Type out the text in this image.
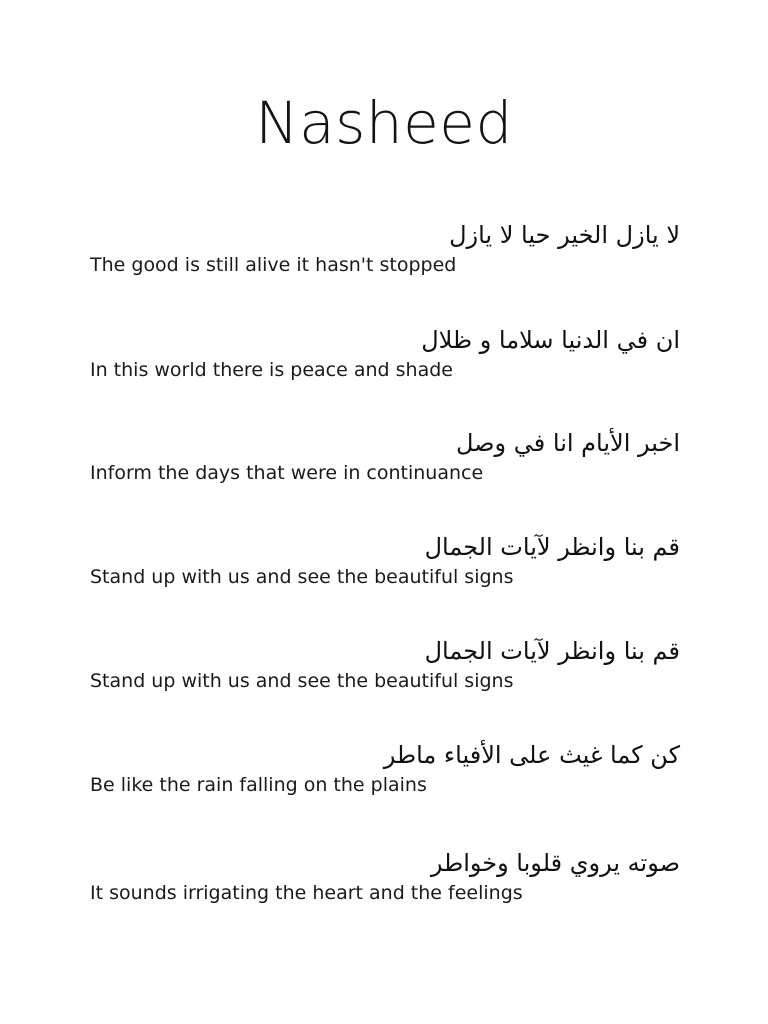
Nasheed
لا يازل الخير حيا لا يازل
The good is still alive it hasn't stopped
ان في الدنيا سلاما و ظلال
In this world there is peace and shade
اخبر الأيام انا في وصل
Inform the days that were in continuance
قم بنا وانظر لآيات الجمال
Stand up with us and see the beautiful signs
قم بنا وانظر لآيات الجمال
Stand up with us and see the beautiful signs
كن كما غيث على الأفياء ماطر
Be like the rain falling on the plains
صوته يروي قلوبا وخواطر
It sounds irrigating the heart and the feelings
